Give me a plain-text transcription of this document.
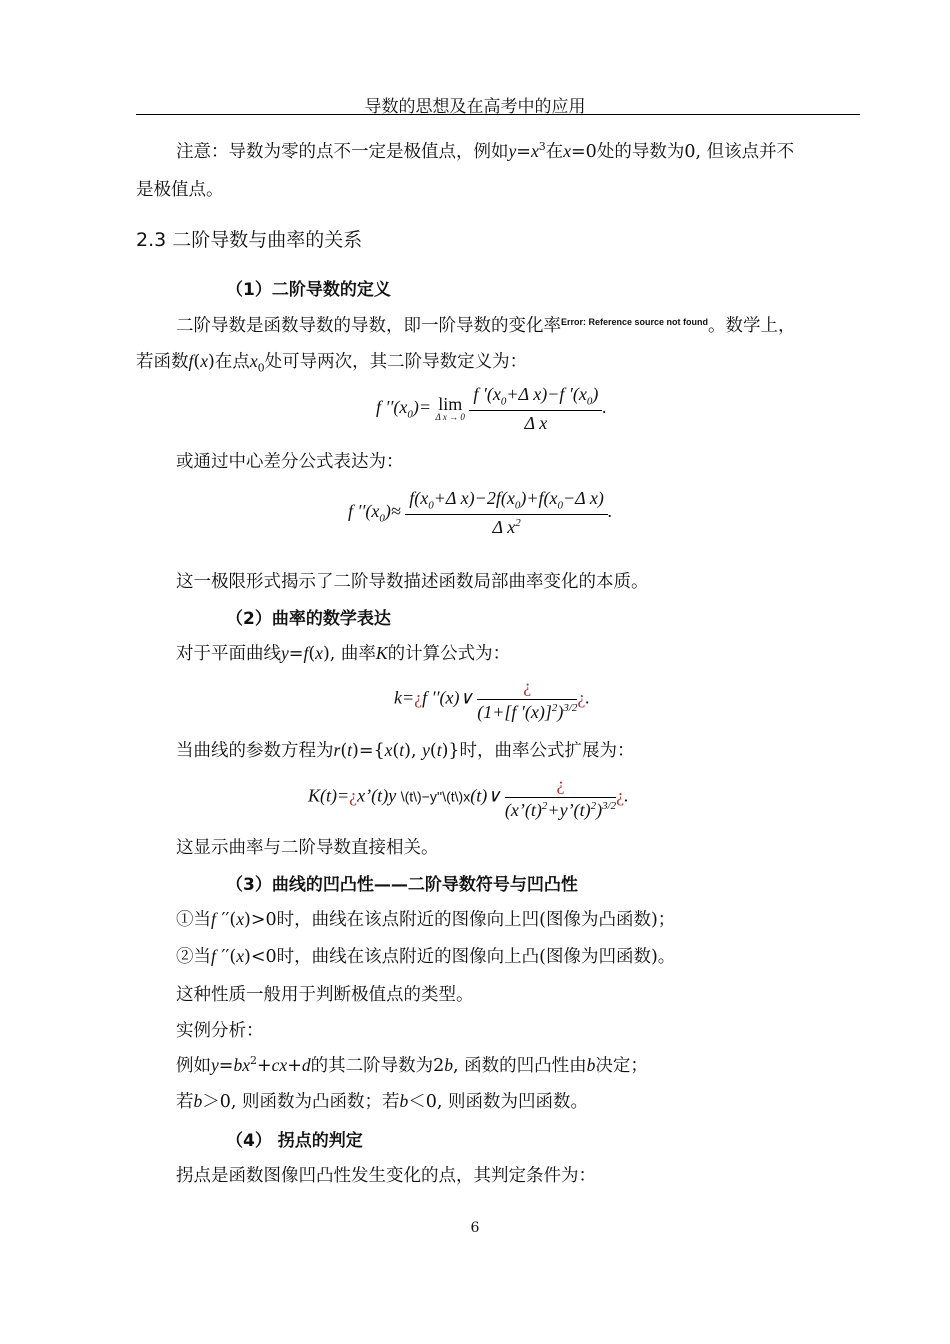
导数的思想及在高考中的应用
注意：导数为零的点不一定是极值点，例如$y=x^3$在x=0处的导数为0, 但该点并不
是极值点。
2.3 二阶导数与曲率的关系
（1）二阶导数的定义
二阶导数是函数导数的导数，即一阶导数的变化率$^{Error: Reference source not found}$。数学上，
若函数f(x)在点$x_0$处可导两次，其二阶导数定义为：
f $''(x_0)= \lim$
Δ x → 0
$\frac{f '(x_0+\Delta x)-f '(x_0)}{\text{Δ x}}$ .
或通过中心差分公式表达为：
f $''(x_0)\approx \frac{f(x_0+\Delta x)-2f(x_0)+f(x_0-\Delta x)}{\Delta x^2}$ .
这一极限形式揭示了二阶导数描述函数局部曲率变化的本质。
（2）曲率的数学表达
对于平面曲线y=f(x), 曲率K的计算公式为：
k=¿f ′′(x)∨ $\frac{¿}{(1+[f '(x)]^2)^{3/2}}$ ¿.
当曲线的参数方程为r(t)={x(t), y(t)}时，曲率公式扩展为：
K(t)=¿x’(t)y \(t\)−y''\(t\)x(t)∨ $\frac{¿}{(x’(t)^2+y’(t)^2)^{3/2}}$ ¿.
这显示曲率与二阶导数直接相关。
（3）曲线的凹凸性——二阶导数符号与凹凸性
①当f ′′(x)>0时，曲线在该点附近的图像向上凹(图像为凸函数)；
②当f ′′(x)<0时，曲线在该点附近的图像向上凸(图像为凹函数)。
这种性质一般用于判断极值点的类型。
实例分析：
例如$y=bx^2+cx+d$的其二阶导数为2b, 函数的凹凸性由b决定；
若b＞0, 则函数为凸函数；若b＜0, 则函数为凹函数。
（4） 拐点的判定
拐点是函数图像凹凸性发生变化的点，其判定条件为：
6
